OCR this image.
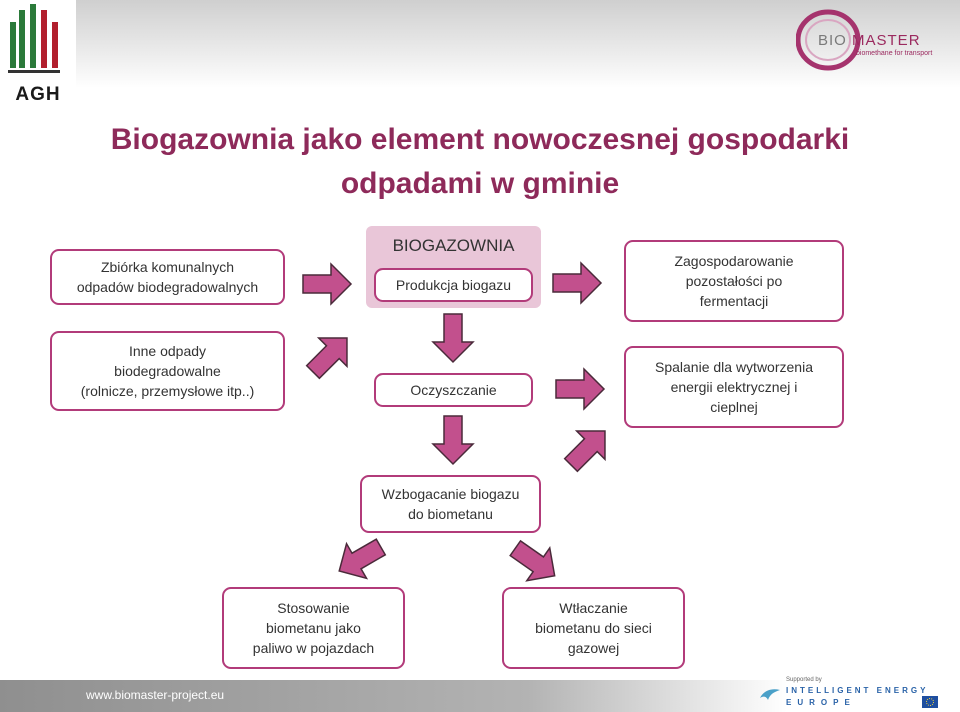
AGH
BIO MASTER
biomethane for transport
Biogazownia jako element nowoczesnej gospodarki
odpadami w gminie
BIOGAZOWNIA
Zbiórka komunalnych
odpadów biodegradowalnych
Inne odpady
biodegradowalne
(rolnicze, przemysłowe itp..)
Produkcja biogazu
Oczyszczanie
Zagospodarowanie
pozostałości po
fermentacji
Spalanie dla wytworzenia
energii elektrycznej i
cieplnej
Wzbogacanie biogazu
do biometanu
Stosowanie
biometanu jako
paliwo w pojazdach
Wtłaczanie
biometanu do sieci
gazowej
www.biomaster-project.eu
Supported by
INTELLIGENT ENERGY
EUROPE
